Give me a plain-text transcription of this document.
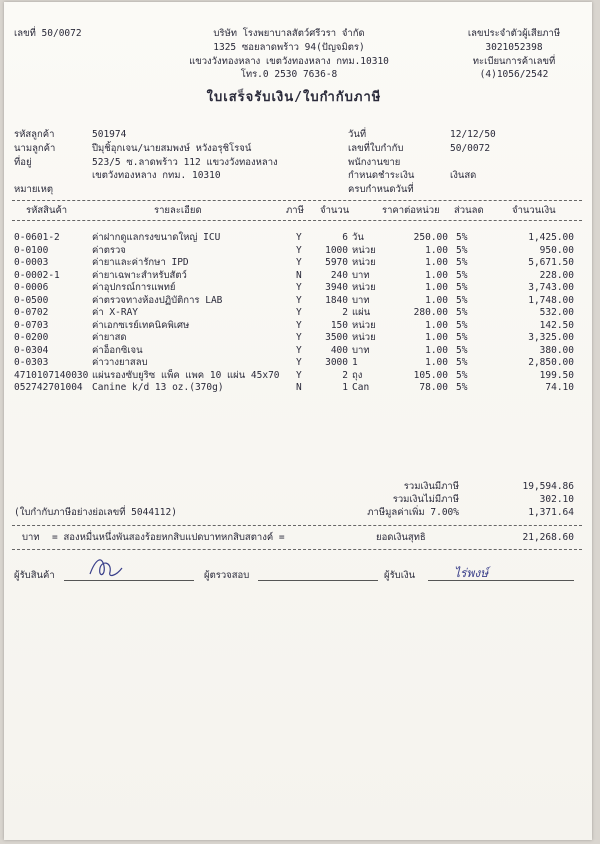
เลขที่ 50/0072	บริษัท โรงพยาบาลสัตว์ศรีวรา จำกัด
1325 ซอยลาดพร้าว 94(ปัญจมิตร)
แขวงวังทองหลาง เขตวังทองหลาง กทม.10310
โทร.0 2530 7636-8
เลขประจำตัวผู้เสียภาษี
3021052398
ทะเบียนการค้าเลขที่
(4)1056/2542
ใบเสร็จรับเงิน/ใบกำกับภาษี
รหัสลูกค้า	501974
นามลูกค้า	ปีมุชิ้อุกเจน/นายสมพงษ์ หวังอรุชิโรจน์
ที่อยู่	523/5 ซ.ลาดพร้าว 112 แขวงวังทองหลาง
เขตวังทองหลาง กทม. 10310
หมายเหตุ
วันที่	12/12/50
เลขที่ใบกำกับ	50/0072
พนักงานขาย
กำหนดชำระเงิน	เงินสด
ครบกำหนดวันที่
รหัสสินค้า	รายละเอียด	ภาษี จำนวน	ราคาต่อหน่วย ส่วนลด	จำนวนเงิน
0-0601-2	ค่าฝากดูแลกรงขนาดใหญ่ ICU	Y	6 วัน	250.00 5%	1,425.00
0-0100	ค่าตรวจ	Y	1000 หน่วย	1.00 5%	950.00
0-0003	ค่ายาและค่ารักษา IPD	Y	5970 หน่วย	1.00 5%	5,671.50
0-0002-1	ค่ายาเฉพาะสำหรับสัตว์	N	240 บาท	1.00 5%	228.00
0-0006	ค่าอุปกรณ์การแพทย์	Y	3940 หน่วย	1.00 5%	3,743.00
0-0500	ค่าตรวจทางห้องปฏิบัติการ LAB	Y	1840 บาท	1.00 5%	1,748.00
0-0702	ค่า X-RAY	Y	2 แผ่น	280.00 5%	532.00
0-0703	ค่าเอกซเรย์เทคนิคพิเศษ	Y	150 หน่วย	1.00 5%	142.50
0-0200	ค่ายาสด	Y	3500 หน่วย	1.00 5%	3,325.00
0-0304	ค่าอ็อกซิเจน	Y	400 บาท	1.00 5%	380.00
0-0303	ค่าวางยาสลบ	Y	3000 1	1.00 5%	2,850.00
4710107140030 แผ่นรองซับยูริซ แพ็ค แพค 10 แผ่น 45x70 Y	2 ถุง	105.00 5%	199.50
052742701004 Canine k/d 13 oz.(370g)	N	1 Can	78.00 5%	74.10
รวมเงินมีภาษี	19,594.86
รวมเงินไม่มีภาษี	302.10
(ใบกำกับภาษีอย่างย่อเลขที่ 5044112)	ภาษีมูลค่าเพิ่ม 7.00%	1,371.64
บาท = สองหมื่นหนึ่งพันสองร้อยหกสิบแปดบาทหกสิบสตางค์ =	ยอดเงินสุทธิ	21,268.60
ผู้รับสินค้า	ผู้ตรวจสอบ	ผู้รับเงิน	ไร่พงษ์
